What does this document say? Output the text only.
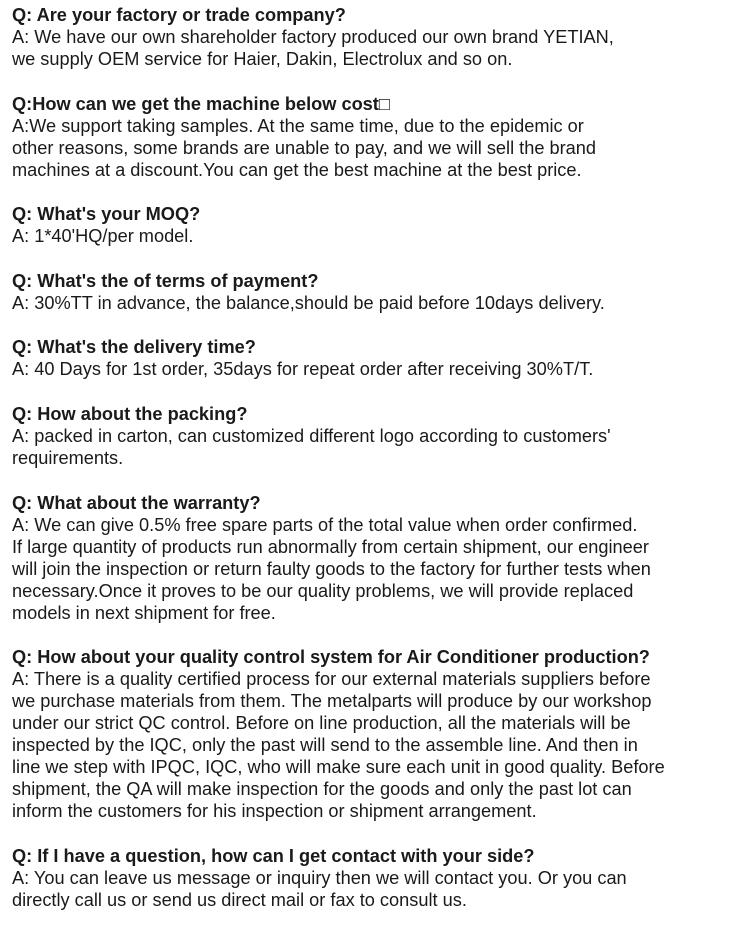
Q: Are your factory or trade company?

A: We have our own shareholder factory produced our own brand YETIAN,
we supply OEM service for Haier, Dakin, Electrolux and so on.

Q:How can we get the machine below cost□

A:We support taking samples. At the same time, due to the epidemic or
other reasons, some brands are unable to pay, and we will sell the brand
machines at a discount.You can get the best machine at the best price.

Q: What's your MOQ?

A: 1*40'HQ/per model.

Q: What's the of terms of payment?

A: 30%TT in advance, the balance,should be paid before 10days delivery.

Q: What's the delivery time?

A: 40 Days for 1st order, 35days for repeat order after receiving 30%T/T.

Q: How about the packing?

A: packed in carton, can customized different logo according to customers'
requirements.

Q: What about the warranty?

A: We can give 0.5% free spare parts of the total value when order confirmed.
If large quantity of products run abnormally from certain shipment, our engineer
will join the inspection or return faulty goods to the factory for further tests when
necessary.Once it proves to be our quality problems, we will provide replaced
models in next shipment for free.

Q: How about your quality control system for Air Conditioner production?

A: There is a quality certified process for our external materials suppliers before
we purchase materials from them. The metalparts will produce by our workshop
under our strict QC control. Before on line production, all the materials will be
inspected by the IQC, only the past will send to the assemble line. And then in
line we step with IPQC, IQC, who will make sure each unit in good quality. Before
shipment, the QA will make inspection for the goods and only the past lot can
inform the customers for his inspection or shipment arrangement.

Q: If I have a question, how can I get contact with your side?

A: You can leave us message or inquiry then we will contact you. Or you can
directly call us or send us direct mail or fax to consult us.
